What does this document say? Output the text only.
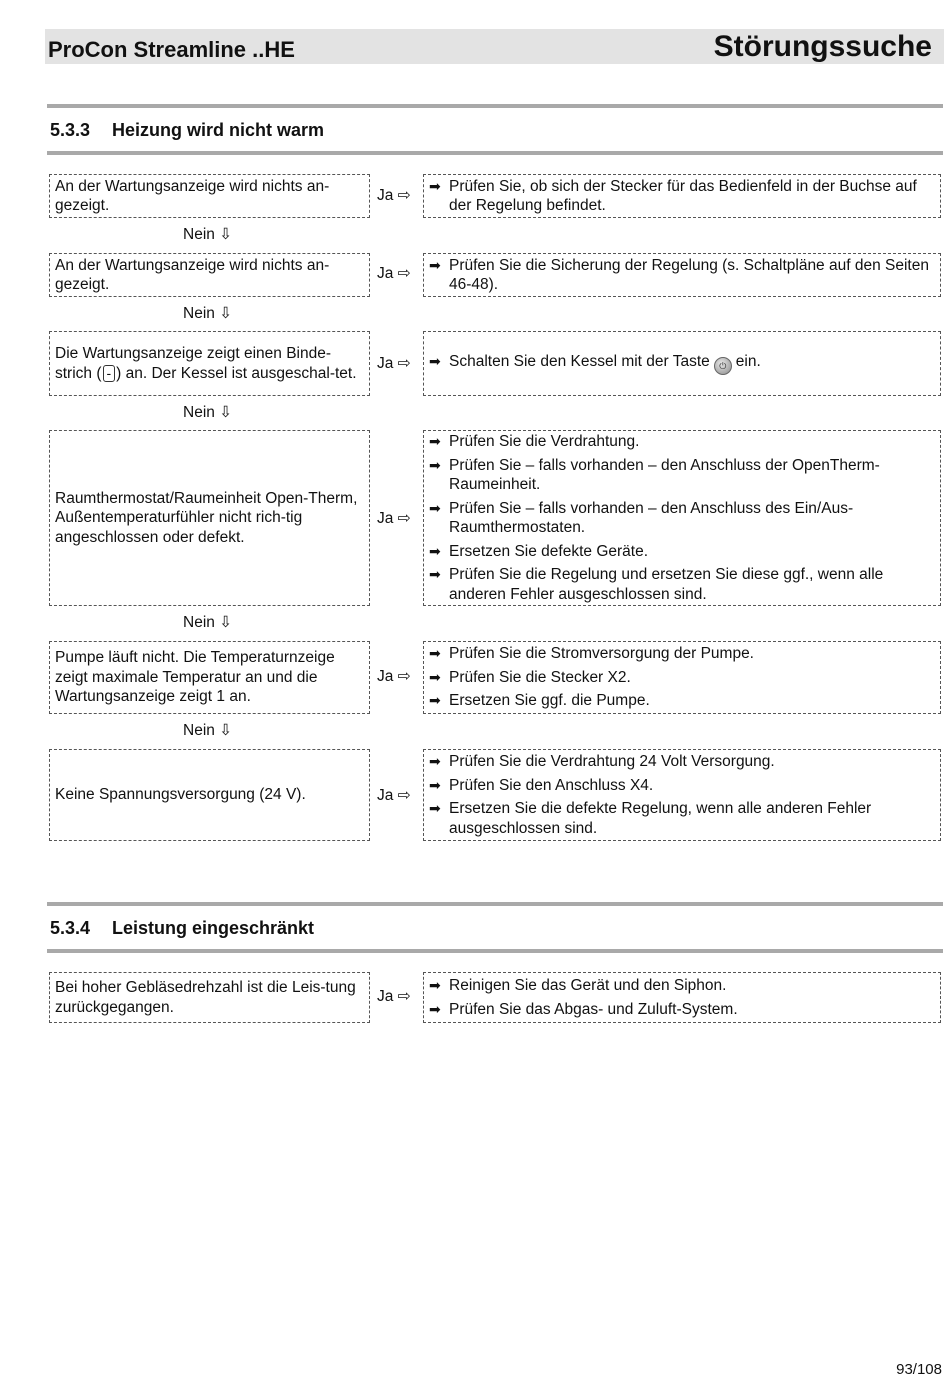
ProCon Streamline ..HE	Störungssuche
5.3.3 Heizung wird nicht warm
An der Wartungsanzeige wird nichts an-gezeigt.
Ja ⇨
➡ Prüfen Sie, ob sich der Stecker für das Bedienfeld in der Buchse auf der Regelung befindet.
Nein ⇩
An der Wartungsanzeige wird nichts an-gezeigt.
Ja ⇨
➡ Prüfen Sie die Sicherung der Regelung (s. Schaltpläne auf den Seiten 46-48).
Nein ⇩
Die Wartungsanzeige zeigt einen Binde-strich ( - ) an. Der Kessel ist ausgeschal-tet.
Ja ⇨ ➡ Schalten Sie den Kessel mit der Taste ⏻ ein.
Nein ⇩
Raumthermostat/Raumeinheit Open-Therm, Außentemperaturfühler nicht rich-tig angeschlossen oder defekt.
Ja ⇨
➡ Prüfen Sie die Verdrahtung.
➡ Prüfen Sie – falls vorhanden – den Anschluss der OpenTherm-Raumeinheit.
➡ Prüfen Sie – falls vorhanden – den Anschluss des Ein/Aus-Raumthermostaten.
➡ Ersetzen Sie defekte Geräte.
➡ Prüfen Sie die Regelung und ersetzen Sie diese ggf., wenn alle anderen Fehler ausgeschlossen sind.
Nein ⇩
Pumpe läuft nicht. Die Temperaturnzeige zeigt maximale Temperatur an und die Wartungsanzeige zeigt 1 an.
Ja ⇨
➡ Prüfen Sie die Stromversorgung der Pumpe.
➡ Prüfen Sie die Stecker X2.
➡ Ersetzen Sie ggf. die Pumpe.
Nein ⇩
Keine Spannungsversorgung (24 V).	Ja ⇨
➡ Prüfen Sie die Verdrahtung 24 Volt Versorgung.
➡ Prüfen Sie den Anschluss X4.
➡ Ersetzen Sie die defekte Regelung, wenn alle anderen Fehler ausgeschlossen sind.
5.3.4 Leistung eingeschränkt
Bei hoher Gebläsedrehzahl ist die Leis-tung zurückgegangen.
Ja ⇨
➡ Reinigen Sie das Gerät und den Siphon.
➡ Prüfen Sie das Abgas- und Zuluft-System.
93/108
